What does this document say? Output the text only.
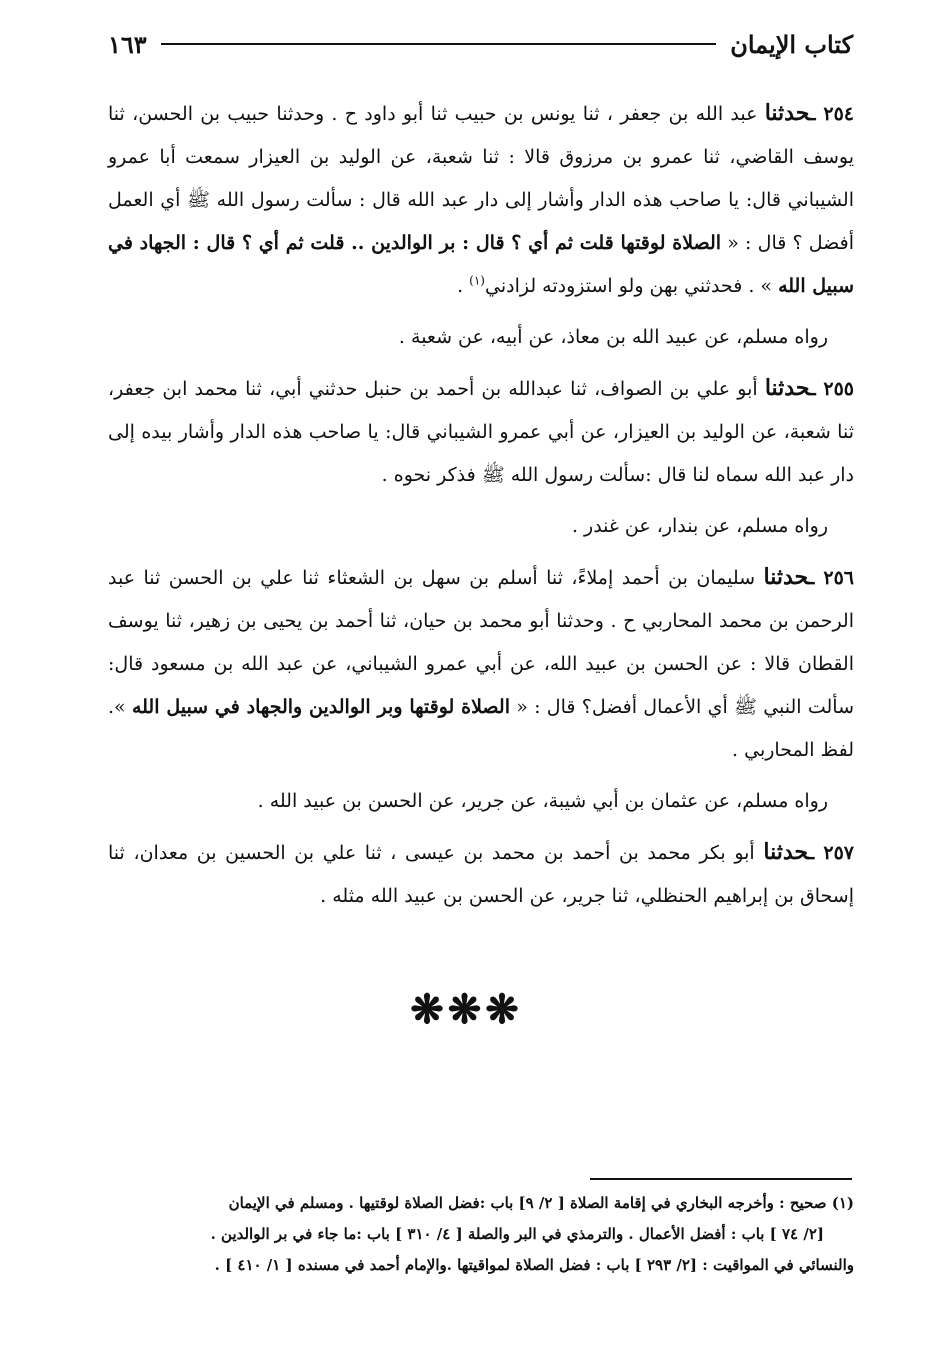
كتاب الإيمان
١٦٣

٢٥٤ ـحدثنا عبد الله بن جعفر ، ثنا يونس بن حبيب ثنا أبو داود ح . وحدثنا حبيب بن الحسن، ثنا يوسف القاضي، ثنا عمرو بن مرزوق قالا : ثنا شعبة، عن الوليد بن العيزار سمعت أبا عمرو الشيباني قال: يا صاحب هذه الدار وأشار إلى دار عبد الله قال : سألت رسول الله ﷺ أي العمل أفضل ؟ قال : « الصلاة لوقتها قلت ثم أي ؟ قال : بر الوالدين .. قلت ثم أي ؟ قال : الجهاد في سبيل الله » . فحدثني بهن ولو استزودته لزادني$^{(١)}$ .

رواه مسلم، عن عبيد الله بن معاذ، عن أبيه، عن شعبة .

٢٥٥ ـحدثنا أبو علي بن الصواف، ثنا عبدالله بن أحمد بن حنبل حدثني أبي، ثنا محمد ابن جعفر، ثنا شعبة، عن الوليد بن العيزار، عن أبي عمرو الشيباني قال: يا صاحب هذه الدار وأشار بيده إلى دار عبد الله سماه لنا قال :سألت رسول الله ﷺ فذكر نحوه .

رواه مسلم، عن بندار، عن غندر .

٢٥٦ ـحدثنا سليمان بن أحمد إملاءً، ثنا أسلم بن سهل بن الشعثاء ثنا علي بن الحسن ثنا عبد الرحمن بن محمد المحاربي ح . وحدثنا أبو محمد بن حيان، ثنا أحمد بن يحيى بن زهير، ثنا يوسف القطان قالا : عن الحسن بن عبيد الله، عن أبي عمرو الشيباني، عن عبد الله بن مسعود قال: سألت النبي ﷺ أي الأعمال أفضل؟ قال : « الصلاة لوقتها وبر الوالدين والجهاد في سبيل الله ». لفظ المحاربي .

رواه مسلم، عن عثمان بن أبي شيبة، عن جرير، عن الحسن بن عبيد الله .

٢٥٧ ـحدثنا أبو بكر محمد بن أحمد بن محمد بن عيسى ، ثنا علي بن الحسين بن معدان، ثنا إسحاق بن إبراهيم الحنظلي، ثنا جرير، عن الحسن بن عبيد الله مثله .

❋❋❋
(١) صحيح : وأخرجه البخاري في إقامة الصلاة [ ٢/ ٩] باب :فضل الصلاة لوقتيها . ومسلم في الإيمان
[٢/ ٧٤ ] باب : أفضل الأعمال . والترمذي في البر والصلة [ ٤/ ٣١٠ ] باب :ما جاء في بر الوالدين .
والنسائي في المواقيت : [٢/ ٢٩٣ ] باب : فضل الصلاة لمواقيتها .والإمام أحمد في مسنده [ ١/ ٤١٠ ] .
